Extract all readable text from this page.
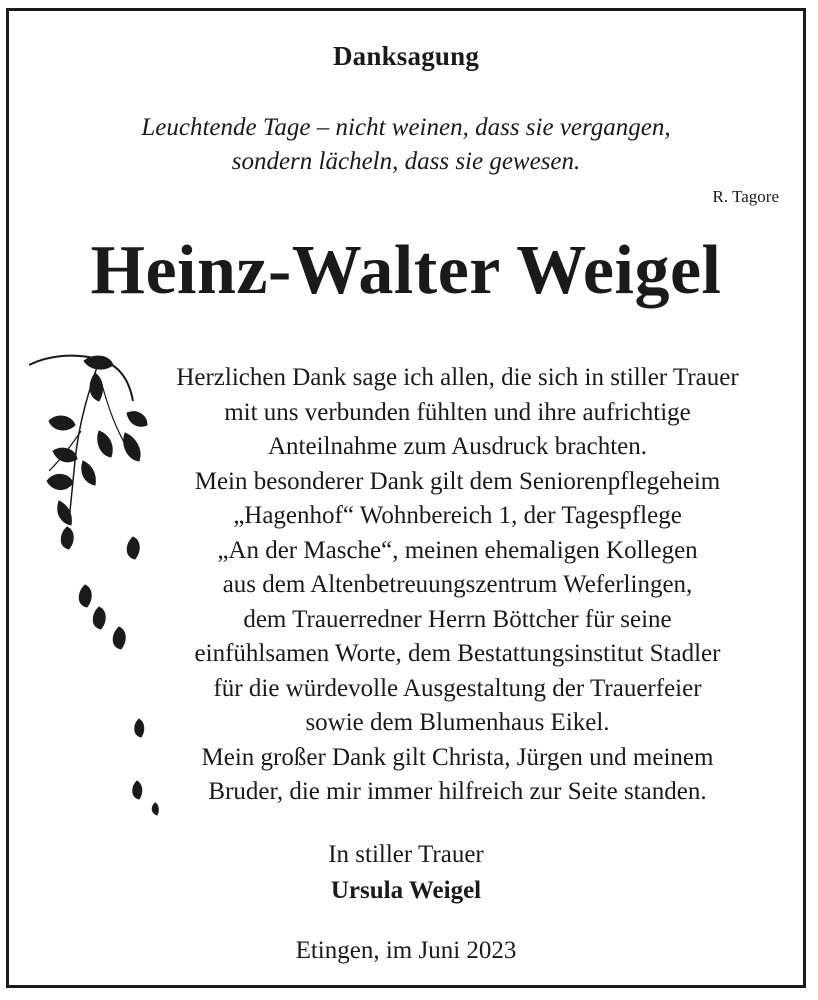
Danksagung
Leuchtende Tage – nicht weinen, dass sie vergangen,
sondern lächeln, dass sie gewesen.
R. Tagore
Heinz-Walter Weigel
Herzlichen Dank sage ich allen, die sich in stiller Trauer
mit uns verbunden fühlten und ihre aufrichtige
Anteilnahme zum Ausdruck brachten.
Mein besonderer Dank gilt dem Seniorenpflegeheim
„Hagenhof“ Wohnbereich 1, der Tagespflege
„An der Masche“, meinen ehemaligen Kollegen
aus dem Altenbetreuungszentrum Weferlingen,
dem Trauerredner Herrn Böttcher für seine
einfühlsamen Worte, dem Bestattungsinstitut Stadler
für die würdevolle Ausgestaltung der Trauerfeier
sowie dem Blumenhaus Eikel.
Mein großer Dank gilt Christa, Jürgen und meinem
Bruder, die mir immer hilfreich zur Seite standen.
In stiller Trauer
Ursula Weigel
Etingen, im Juni 2023
